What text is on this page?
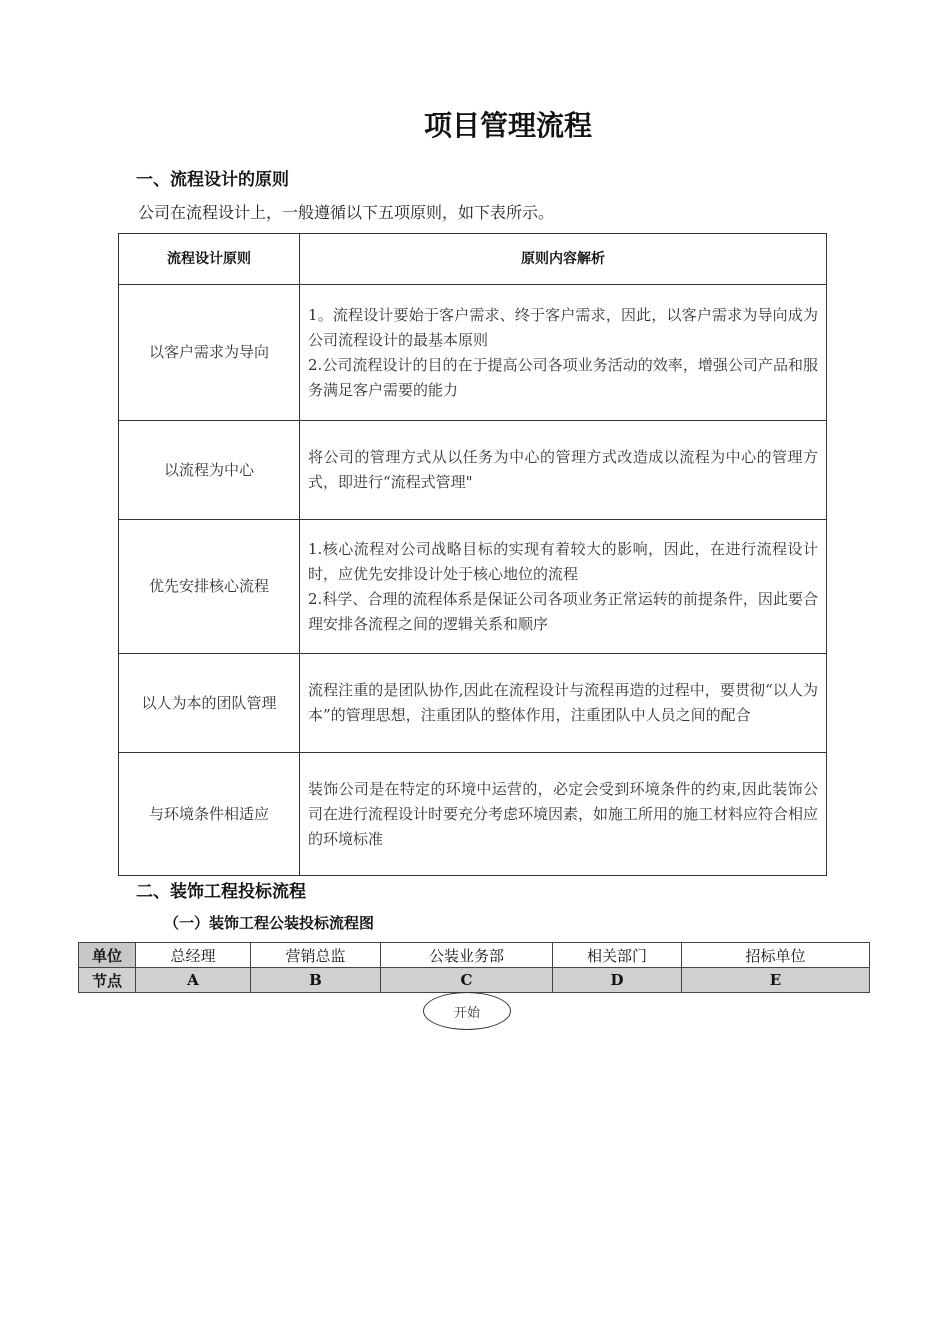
项目管理流程
一、流程设计的原则
公司在流程设计上，一般遵循以下五项原则，如下表所示。
流程设计原则	原则内容解析
以客户需求为导向	1。流程设计要始于客户需求、终于客户需求，因此，以客户需求为导向成为公司流程设计的最基本原则
2.公司流程设计的目的在于提高公司各项业务活动的效率，增强公司产品和服务满足客户需要的能力

以流程为中心	将公司的管理方式从以任务为中心的管理方式改造成以流程为中心的管理方式，即进行“流程式管理"

优先安排核心流程	1.核心流程对公司战略目标的实现有着较大的影响，因此，在进行流程设计时，应优先安排设计处于核心地位的流程
2.科学、合理的流程体系是保证公司各项业务正常运转的前提条件，因此要合理安排各流程之间的逻辑关系和顺序

以人为本的团队管理	流程注重的是团队协作,因此在流程设计与流程再造的过程中，要贯彻“以人为本”的管理思想，注重团队的整体作用，注重团队中人员之间的配合

与环境条件相适应	装饰公司是在特定的环境中运营的，必定会受到环境条件的约束,因此装饰公司在进行流程设计时要充分考虑环境因素，如施工所用的施工材料应符合相应的环境标准
二、装饰工程投标流程
（一）装饰工程公装投标流程图
单位	总经理	营销总监	公装业务部	相关部门	招标单位
节点	A	B	C	D	E
开始
